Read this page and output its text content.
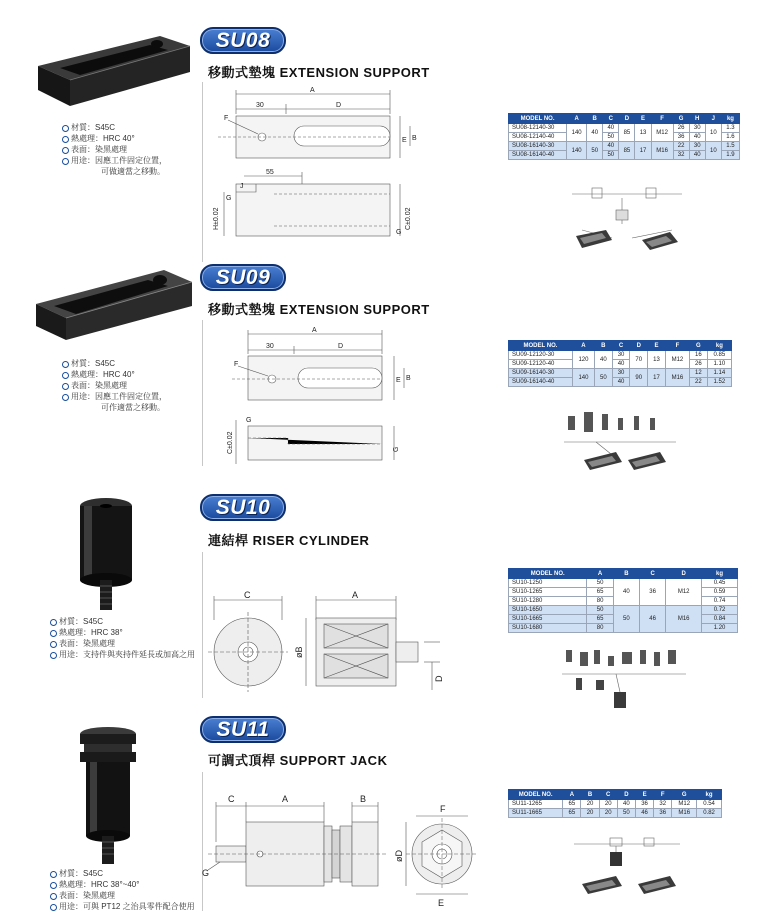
材質：S45C
熱處理：HRC 40°
表面：染黑處理
用途：因應工件固定位置，
可做適當之移動。
SU08
移動式墊塊 EXTENSION SUPPORT
A
30	D
F
E B
55
J
G
G
H±0.02	C±0.02
MODEL NO.	A	B	C	D	E	F	G	H	J	kg
SU08-12140-30	140	40	40	85	13	M12	26	30	10	1.3
SU08-12140-40			50				36	40		1.6
SU08-16140-30	140	50	40	85	17	M16	22	30	10	1.5
SU08-16140-40			50				32	40		1.9
材質：S45C
熱處理：HRC 40°
表面：染黑處理
用途：因應工件固定位置，
可作適當之移動。
SU09
移動式墊塊 EXTENSION SUPPORT
A
30	D
F
E B
G
G
C±0.02
MODEL NO.	A	B	C	D	E	F	G	kg
SU09-12120-30	120	40	30	70	13	M12	16	0.85
SU09-12120-40			40				26	1.10
SU09-16140-30	140	50	30	90	17	M16	12	1.14
SU09-16140-40			40				22	1.52
材質：S45C
熱處理：HRC 38°
表面：染黑處理
用途：支持件與夾持件延長或加高之用
SU10
連結桿 RISER CYLINDER
C	A
øB
D
MODEL NO.	A	B	C	D	kg
SU10-1250	50	40	36	M12	0.45
SU10-1265	65				0.59
SU10-1280	80				0.74
SU10-1650	50	50	46	M16	0.72
SU10-1665	65				0.84
SU10-1680	80				1.20
材質：S45C
熱處理：HRC 38°~40°
表面：染黑處理
用途：可與 PT12 之治具零件配合使用
SU11
可調式頂桿 SUPPORT JACK
C	A	B
F
G
øD
E
MODEL NO.	A	B	C	D	E	F	G	kg
SU11-1265	65	20	20	40	36	32	M12	0.54
SU11-1665	65	20	20	50	46	36	M16	0.82
